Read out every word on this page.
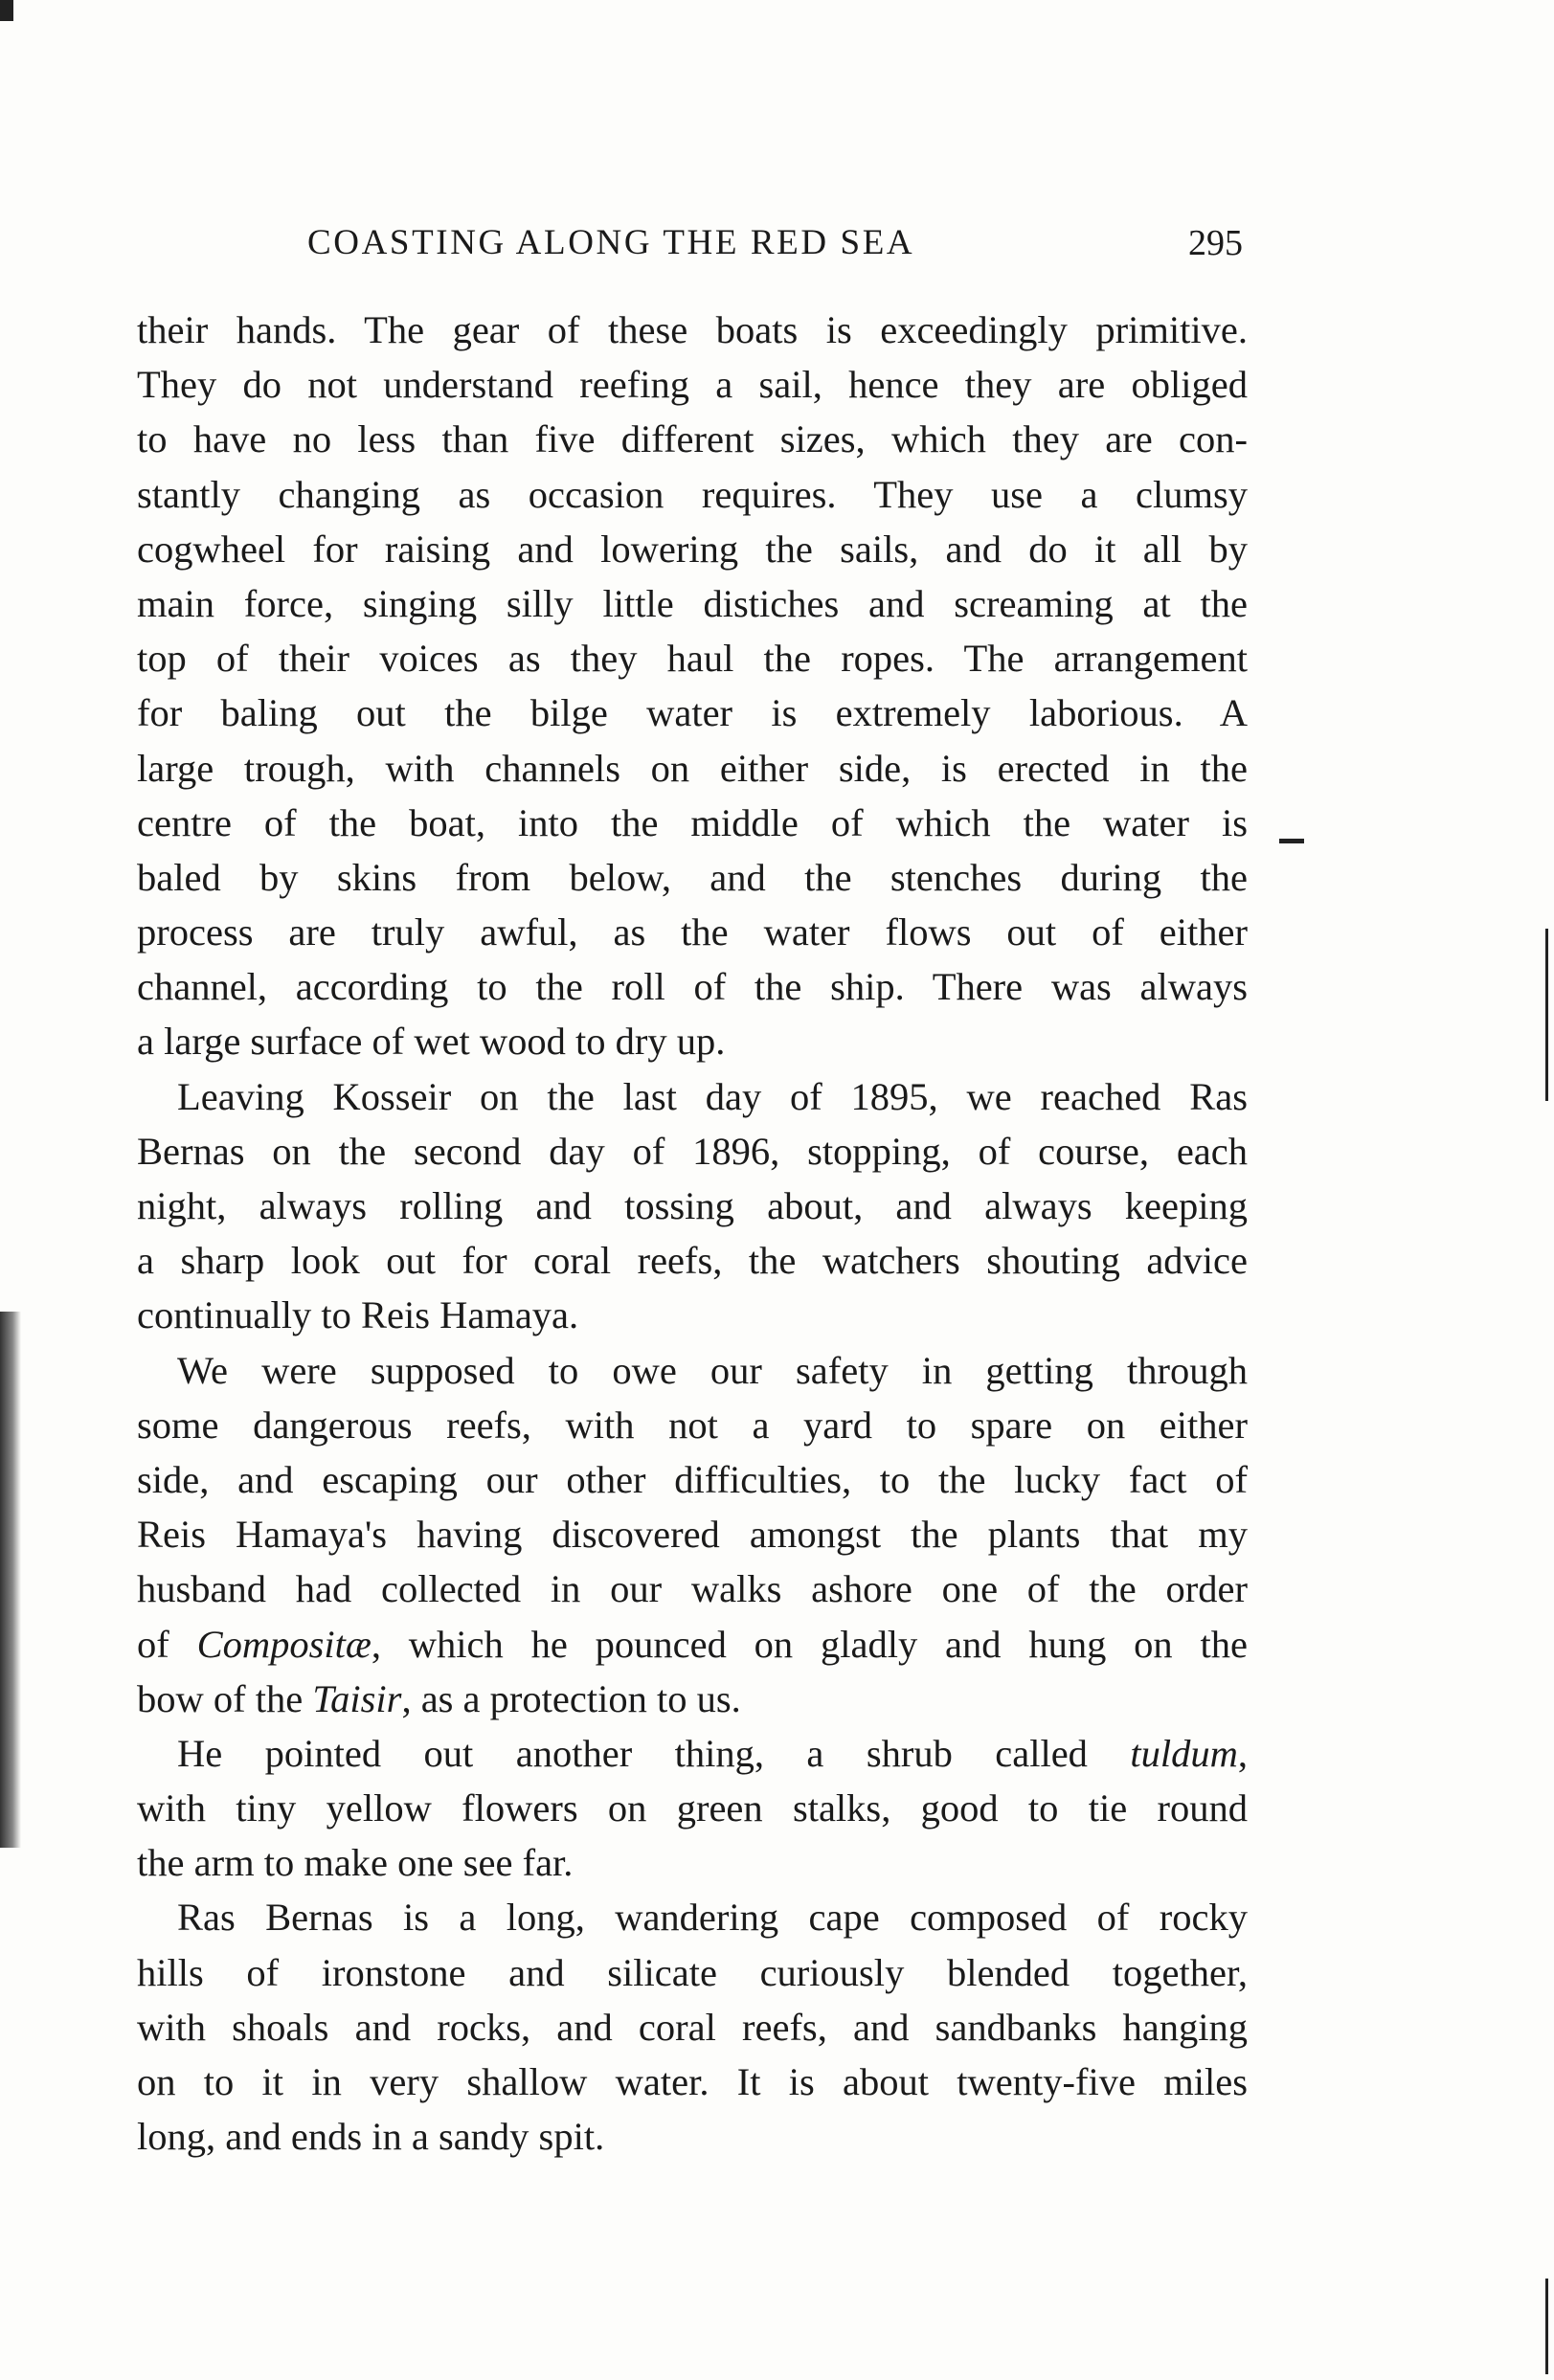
COASTING ALONG THE RED SEA	295
their hands. The gear of these boats is exceedingly primitive.
They do not understand reefing a sail, hence they are obliged
to have no less than five different sizes, which they are con-
stantly changing as occasion requires. They use a clumsy
cogwheel for raising and lowering the sails, and do it all by
main force, singing silly little distiches and screaming at the
top of their voices as they haul the ropes. The arrangement
for baling out the bilge water is extremely laborious. A
large trough, with channels on either side, is erected in the
centre of the boat, into the middle of which the water is
baled by skins from below, and the stenches during the
process are truly awful, as the water flows out of either
channel, according to the roll of the ship. There was always
a large surface of wet wood to dry up.
Leaving Kosseir on the last day of 1895, we reached Ras
Bernas on the second day of 1896, stopping, of course, each
night, always rolling and tossing about, and always keeping
a sharp look out for coral reefs, the watchers shouting advice
continually to Reis Hamaya.
We were supposed to owe our safety in getting through
some dangerous reefs, with not a yard to spare on either
side, and escaping our other difficulties, to the lucky fact of
Reis Hamaya's having discovered amongst the plants that my
husband had collected in our walks ashore one of the order
of Compositæ, which he pounced on gladly and hung on the
bow of the Taisir, as a protection to us.
He pointed out another thing, a shrub called tuldum,
with tiny yellow flowers on green stalks, good to tie round
the arm to make one see far.
Ras Bernas is a long, wandering cape composed of rocky
hills of ironstone and silicate curiously blended together,
with shoals and rocks, and coral reefs, and sandbanks hanging
on to it in very shallow water. It is about twenty-five miles
long, and ends in a sandy spit.
